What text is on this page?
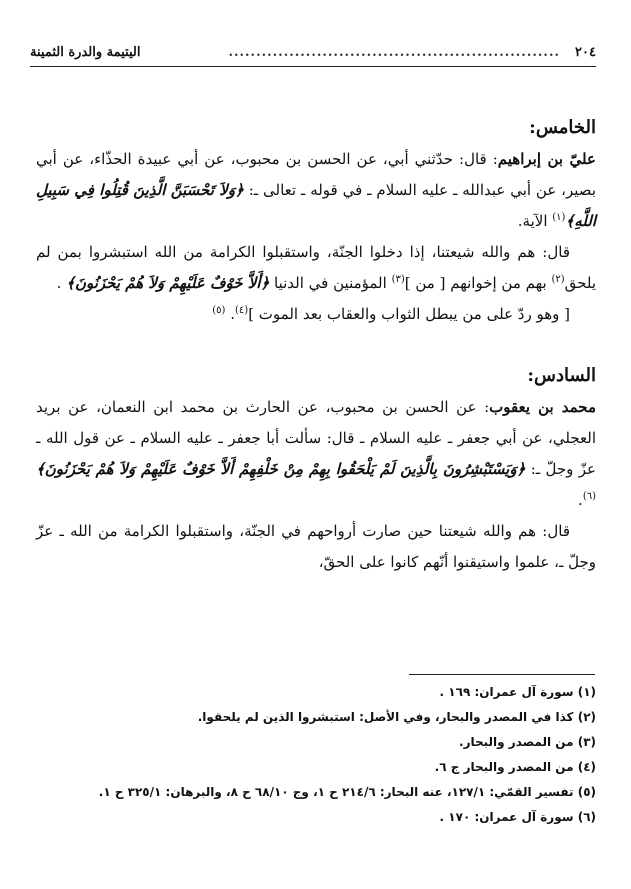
٢٠٤
............................................................
اليتيمة والدرة الثمينة

الخامس:

عليّ بن إبراهيم: قال: حدّثني أبي، عن الحسن بن محبوب، عن أبي عبيدة الحذّاء، عن أبي بصير، عن أبي عبدالله ـ عليه السلام ـ في قوله ـ تعالى ـ: ﴿وَلاَ تَحْسَبَنَّ الَّذِينَ قُتِلُوا فِي سَبِيلِ اللَّهِ﴾$^{(١)}$ الآية.

قال: هم والله شيعتنا، إذا دخلوا الجنّة، واستقبلوا الكرامة من الله استبشروا بمن لم يلحق$^{(٢)}$ بهم من إخوانهم [ من ]$^{(٣)}$ المؤمنين في الدنيا ﴿أَلاَّ خَوْفٌ عَلَيْهِمْ وَلاَ هُمْ يَحْزَنُونَ﴾ .

[ وهو ردّ على من يبطل الثواب والعقاب بعد الموت ]$^{(٤)}$. $^{(٥)}$

السادس:

محمد بن يعقوب: عن الحسن بن محبوب، عن الحارث بن محمد ابن النعمان، عن بريد العجلي، عن أبي جعفر ـ عليه السلام ـ قال: سألت أبا جعفر ـ عليه السلام ـ عن قول الله ـ عزّ وجلّ ـ: ﴿وَيَسْتَبْشِرُونَ بِالَّذِينَ لَمْ يَلْحَقُوا بِهِمْ مِنْ خَلْفِهِمْ أَلاَّ خَوْفٌ عَلَيْهِمْ وَلاَ هُمْ يَحْزَنُونَ﴾$^{(٦)}$.

قال: هم والله شيعتنا حين صارت أرواحهم في الجنّة، واستقبلوا الكرامة من الله ـ عزّ وجلّ ـ، علموا واستيقنوا أنّهم كانوا على الحقّ،

(١) سورة آل عمران: ١٦٩ .

(٢) كذا في المصدر والبحار، وفي الأصل: استبشروا الذين لم يلحقوا.

(٣) من المصدر والبحار.

(٤) من المصدر والبحار ج ٦.

(٥) تفسير القمّي: ١٢٧/١، عنه البحار: ٢١٤/٦ ح ١، وج ٦٨/١٠ ح ٨، والبرهان: ٣٢٥/١ ح ١.

(٦) سورة آل عمران: ١٧٠ .
